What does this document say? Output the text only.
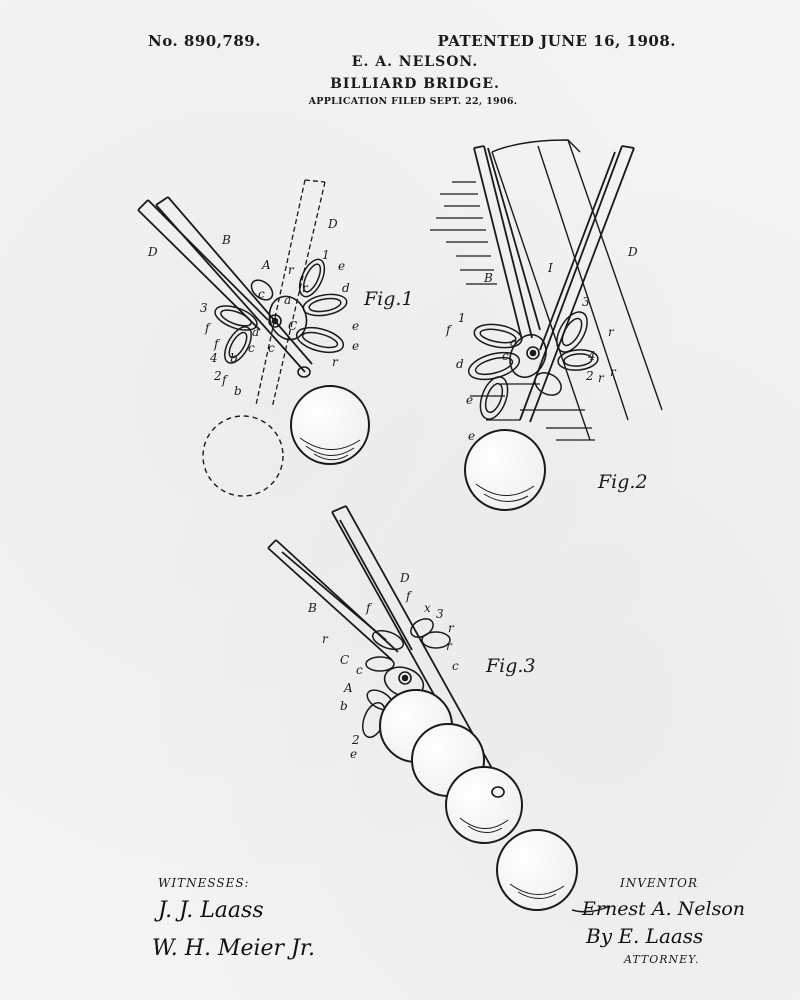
No. 890,789.	PATENTED JUNE 16, 1908.
E. A. NELSON.
BILLIARD BRIDGE.
APPLICATION FILED SEPT. 22, 1906.
Fig.1
Fig.2
Fig.3
B
D
D
1
e
A r
r	d
a
C
3
f	a	e
c
f
4 b
e
2
r
f
b
c c
B
I
D
3
r
1
a
c
f
d
4
e
e
2 r r
D
B	f
f
x 3
r
r
r
C
c	c
A
b
2
e
WITNESSES:
J. J. Laass
W. H. Meier Jr.
INVENTOR
Ernest A. Nelson
By E. Laass
ATTORNEY.
